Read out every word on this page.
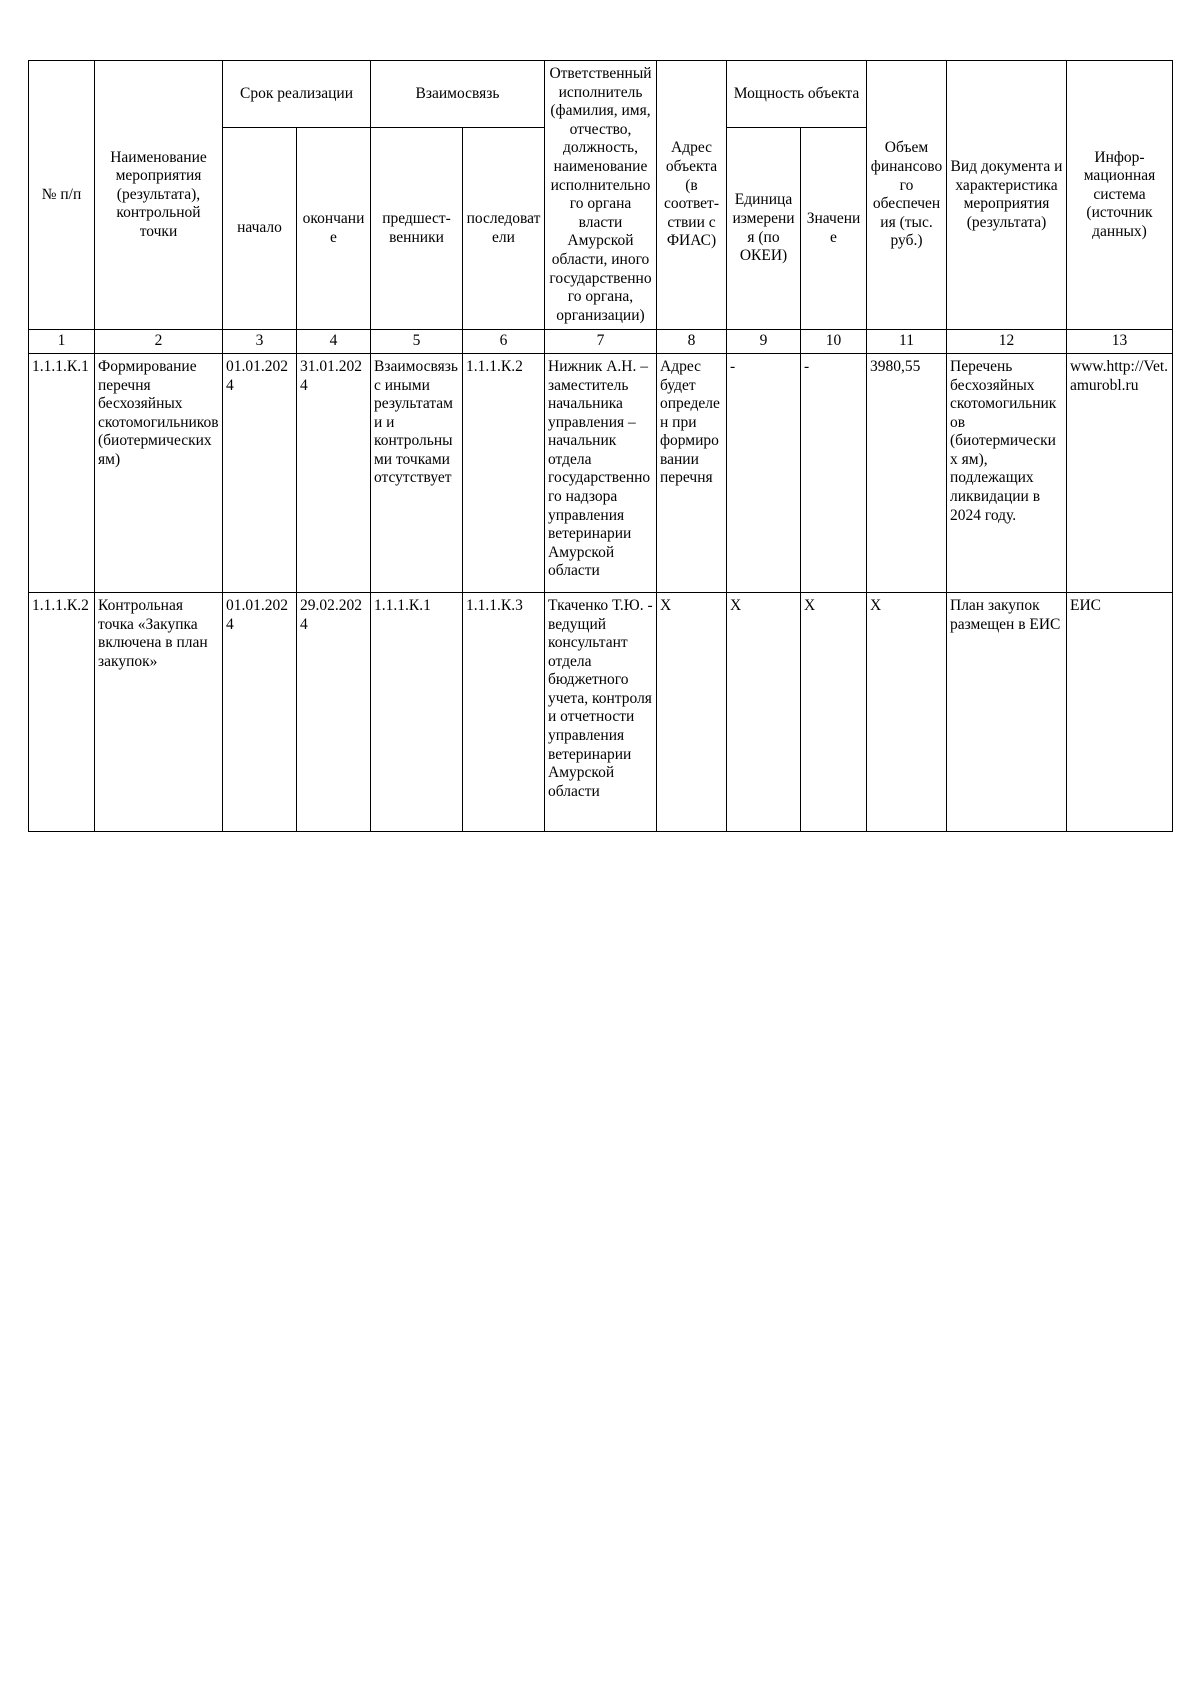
№ п/п	Наименование мероприятия (результата), контрольной точки	Срок реализации		Взаимосвязь		Ответственный исполнитель (фамилия, имя, отчество, должность, наименование исполнительного органа власти Амурской области, иного государственного органа, организации)	Адрес объекта (в соответ-ствии с ФИАС)	Мощность объекта		Объем финансового обеспечения (тыс. руб.)	Вид документа и характеристика мероприятия (результата)	Инфор-мационная система (источник данных)
		начало	окончание	предшест-венники	последователи			Единица измерения (по ОКЕИ)	Значение			
1	2	3	4	5	6	7	8	9	10	11	12	13
1.1.1.К.1	Формирование перечня бесхозяйных скотомогильников (биотермических ям)	01.01.2024	31.01.2024	Взаимосвязь с иными результатами и контрольными точками отсутствует	1.1.1.К.2	Нижник А.Н. – заместитель начальника управления – начальник отдела государственного надзора управления ветеринарии Амурской области	Адрес будет определен при формировании перечня	-	-	3980,55	Перечень бесхозяйных скотомогильников (биотермических ям), подлежащих ликвидации в 2024 году.	www.http://Vet.amurobl.ru
1.1.1.К.2	Контрольная точка «Закупка включена в план закупок»	01.01.2024	29.02.2024	1.1.1.К.1	1.1.1.К.3	Ткаченко Т.Ю. - ведущий консультант отдела бюджетного учета, контроля и отчетности управления ветеринарии Амурской области	X	X	X	X	План закупок размещен в ЕИС	ЕИС
